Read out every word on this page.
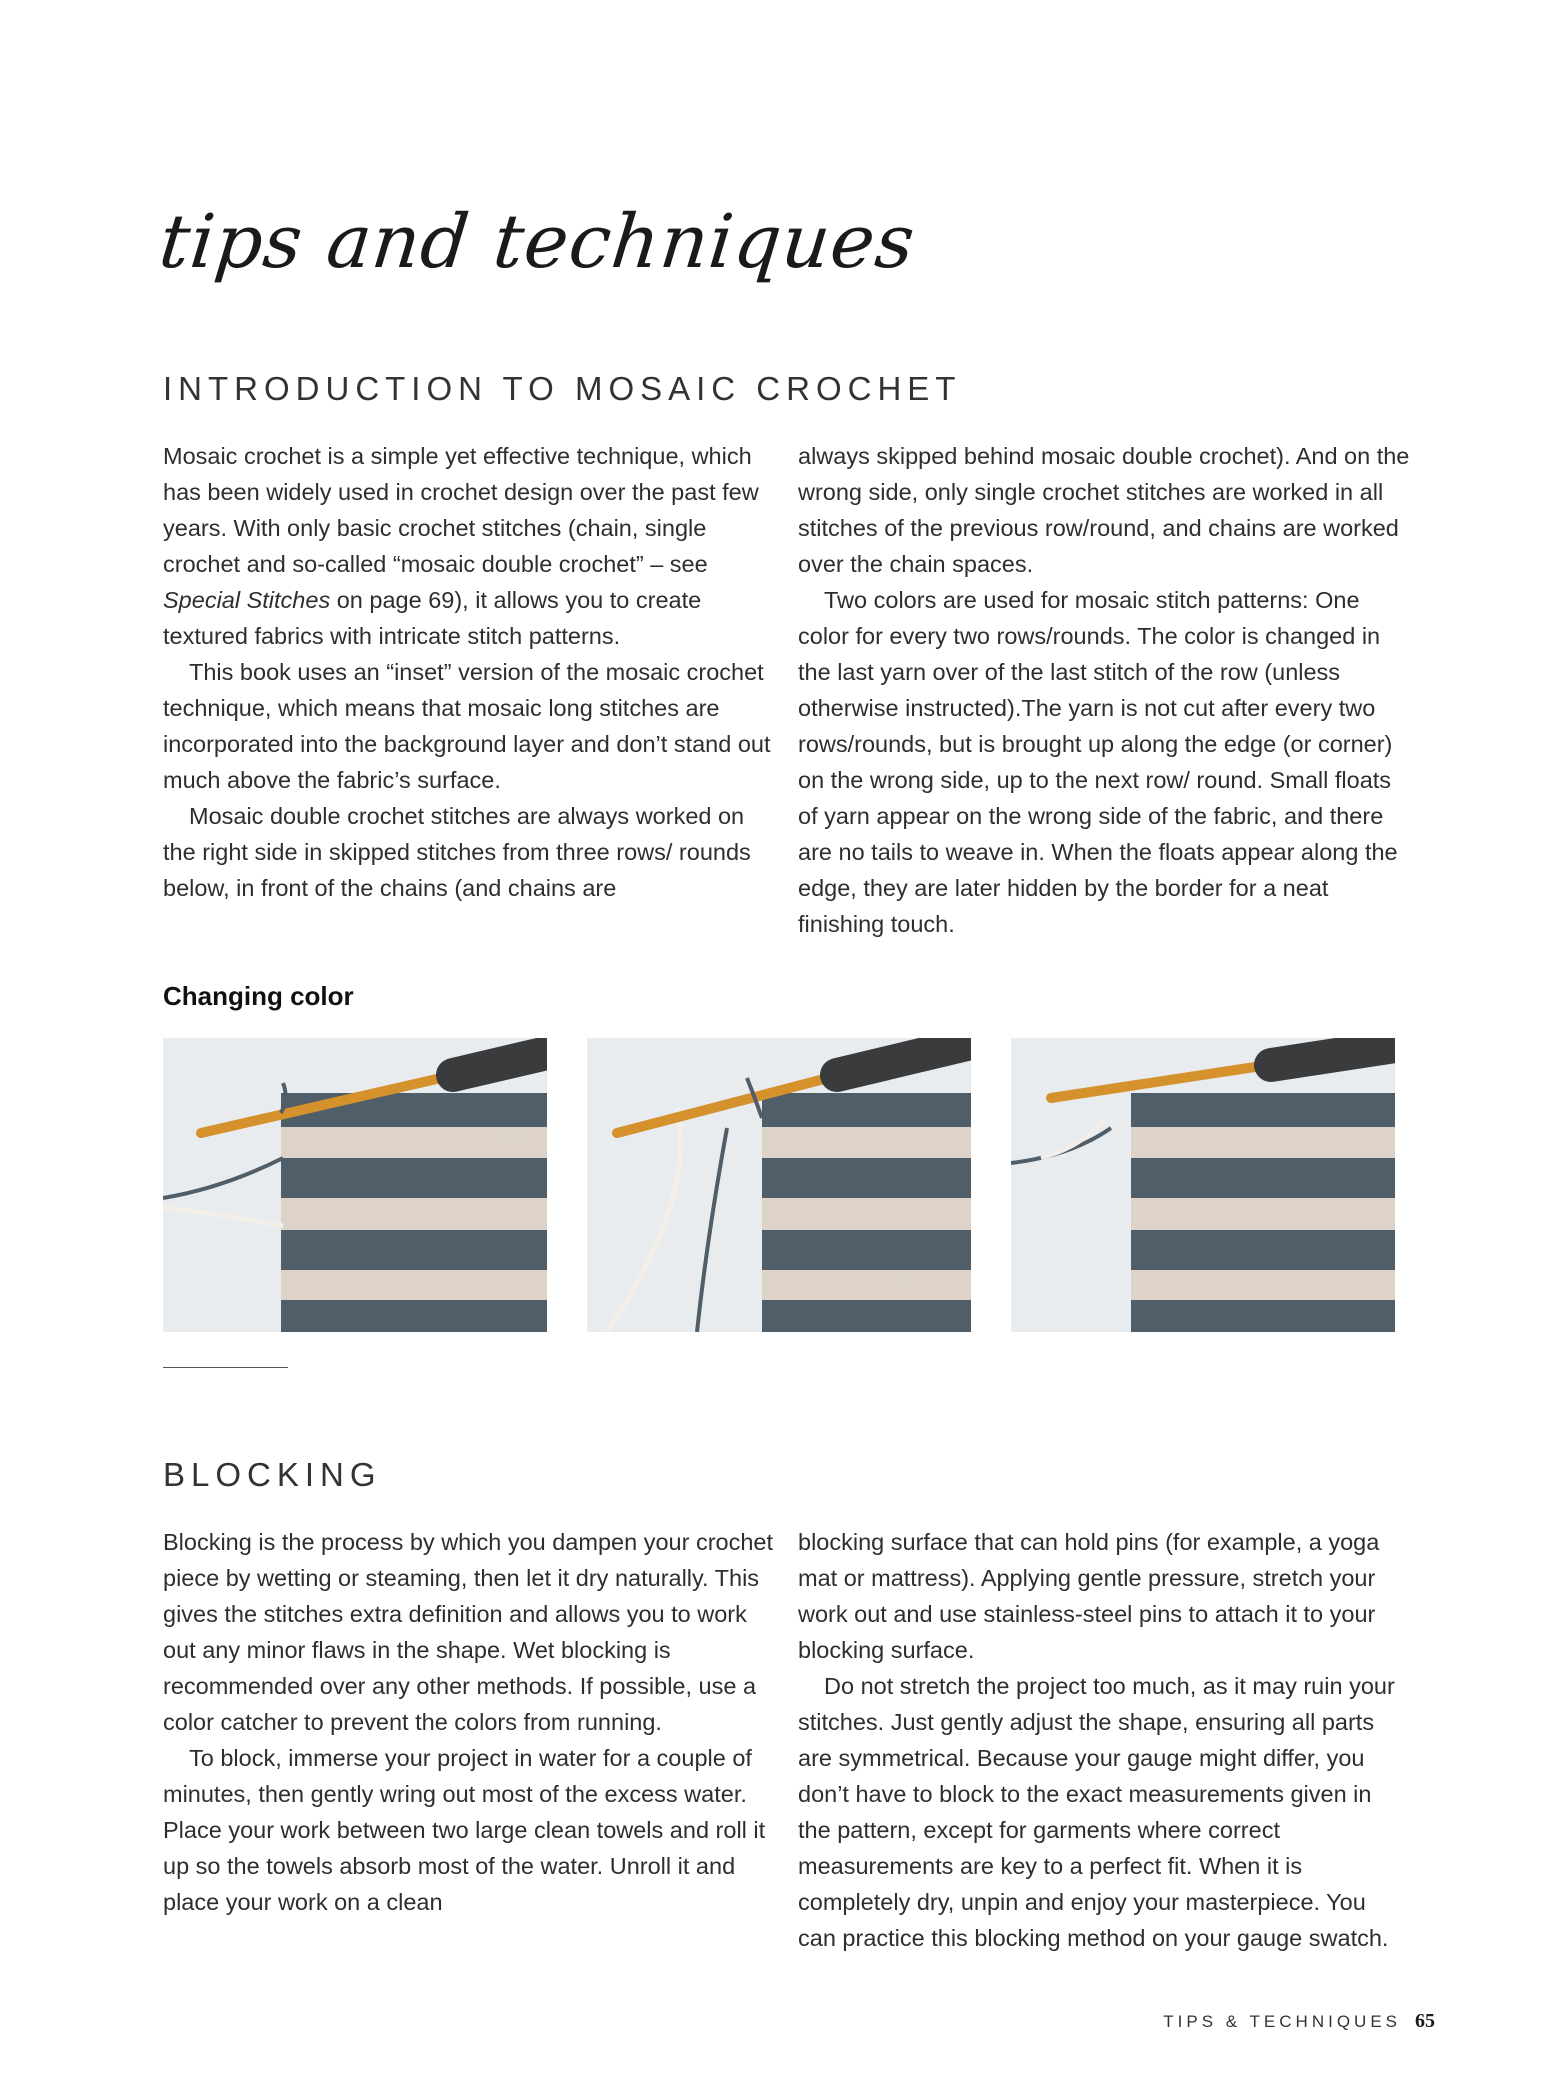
tips and techniques
INTRODUCTION TO MOSAIC CROCHET

Mosaic crochet is a simple yet effective technique, which has been widely used in crochet design over the past few years. With only basic crochet stitches (chain, single crochet and so-called “mosaic double crochet” – see Special Stitches on page 69), it allows you to create textured fabrics with intricate stitch patterns.

This book uses an “inset” version of the mosaic crochet technique, which means that mosaic long stitches are incorporated into the background layer and don’t stand out much above the fabric’s surface.

Mosaic double crochet stitches are always worked on the right side in skipped stitches from three rows/ rounds below, in front of the chains (and chains are

always skipped behind mosaic double crochet). And on the wrong side, only single crochet stitches are worked in all stitches of the previous row/round, and chains are worked over the chain spaces.

Two colors are used for mosaic stitch patterns: One color for every two rows/rounds. The color is changed in the last yarn over of the last stitch of the row (unless otherwise instructed).The yarn is not cut after every two rows/rounds, but is brought up along the edge (or corner) on the wrong side, up to the next row/ round. Small floats of yarn appear on the wrong side of the fabric, and there are no tails to weave in. When the floats appear along the edge, they are later hidden by the border for a neat finishing touch.

Changing color
BLOCKING

Blocking is the process by which you dampen your crochet piece by wetting or steaming, then let it dry naturally. This gives the stitches extra definition and allows you to work out any minor flaws in the shape. Wet blocking is recommended over any other methods. If possible, use a color catcher to prevent the colors from running.

To block, immerse your project in water for a couple of minutes, then gently wring out most of the excess water. Place your work between two large clean towels and roll it up so the towels absorb most of the water. Unroll it and place your work on a clean

blocking surface that can hold pins (for example, a yoga mat or mattress). Applying gentle pressure, stretch your work out and use stainless-steel pins to attach it to your blocking surface.

Do not stretch the project too much, as it may ruin your stitches. Just gently adjust the shape, ensuring all parts are symmetrical. Because your gauge might differ, you don’t have to block to the exact measurements given in the pattern, except for garments where correct measurements are key to a perfect fit. When it is completely dry, unpin and enjoy your masterpiece. You can practice this blocking method on your gauge swatch.

TIPS & TECHNIQUES 65
